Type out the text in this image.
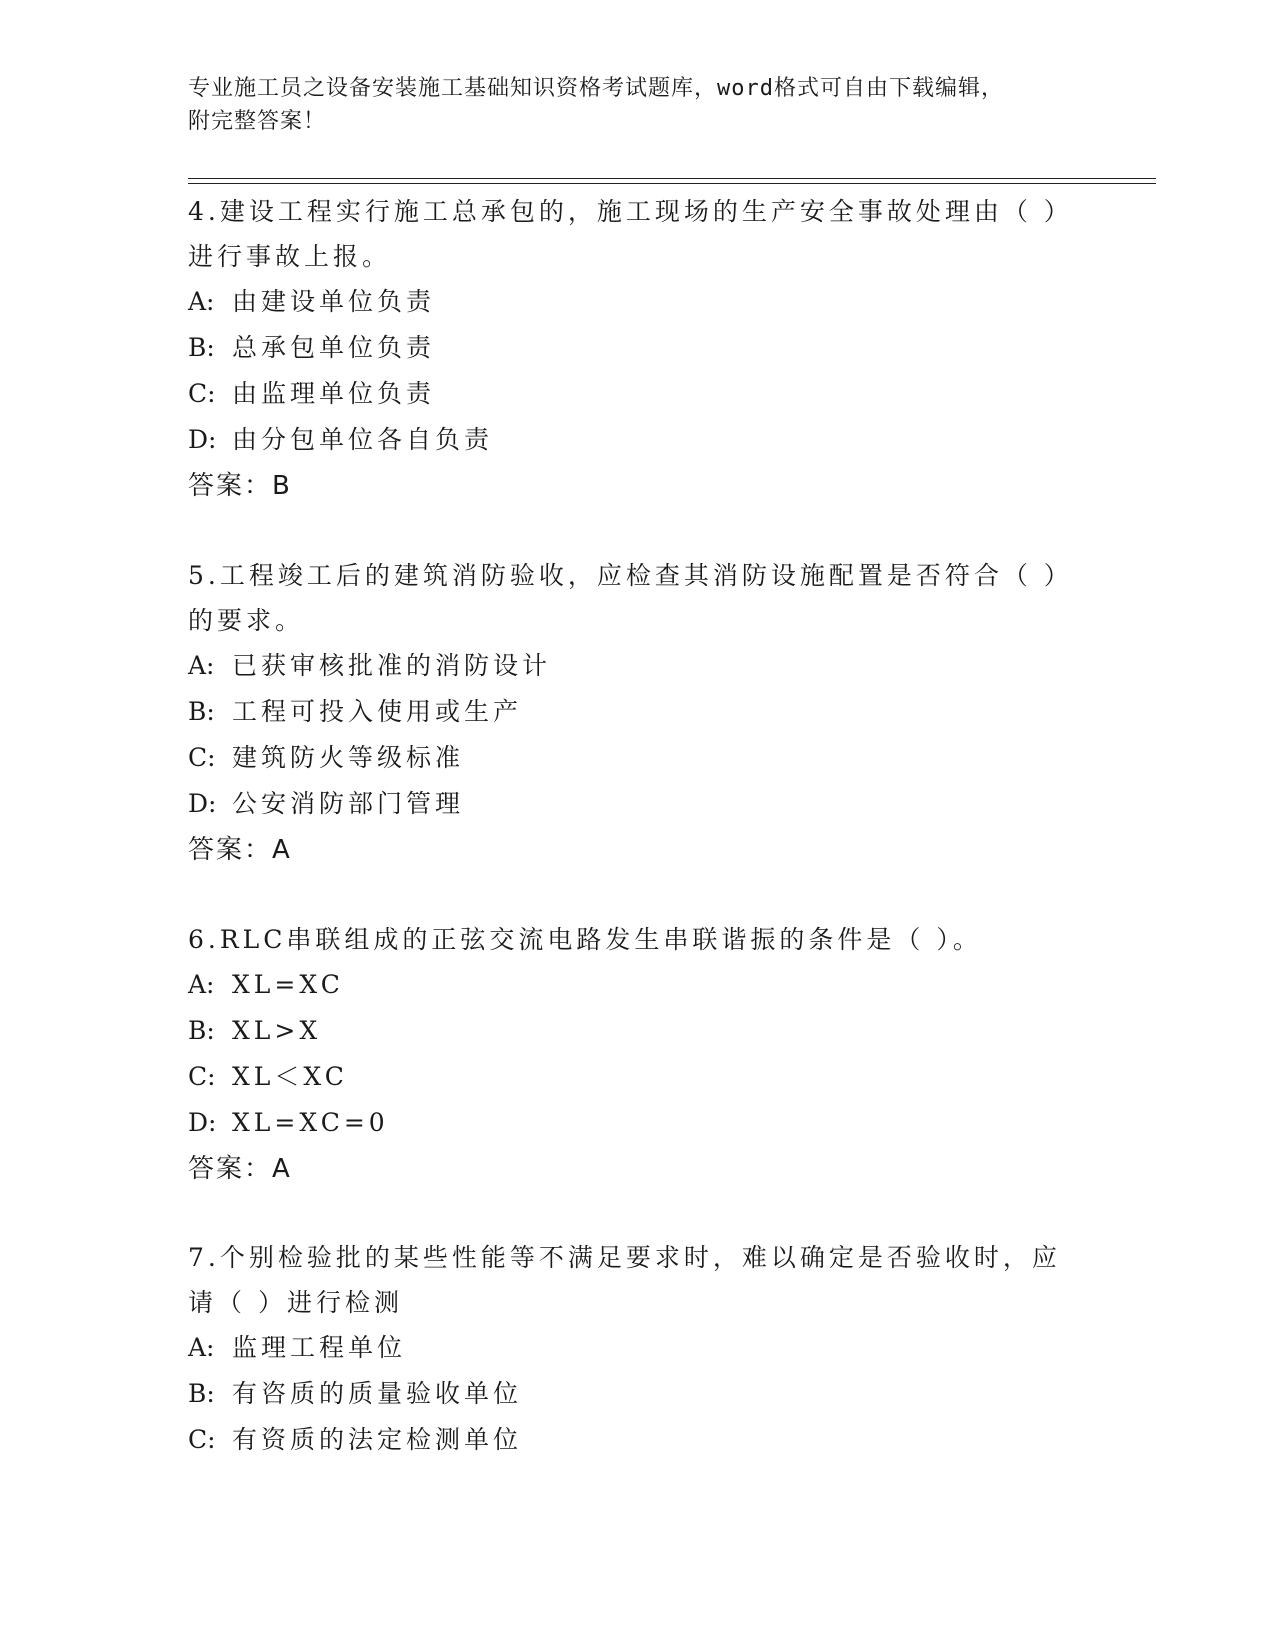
专业施工员之设备安装施工基础知识资格考试题库，word格式可自由下载编辑，
附完整答案！
4.建设工程实行施工总承包的，施工现场的生产安全事故处理由（ ）
进行事故上报。
A: 由建设单位负责
B: 总承包单位负责
C: 由监理单位负责
D: 由分包单位各自负责
答案：B
5.工程竣工后的建筑消防验收，应检查其消防设施配置是否符合（ ）
的要求。
A: 已获审核批准的消防设计
B: 工程可投入使用或生产
C: 建筑防火等级标准
D: 公安消防部门管理
答案：A
6.RLC串联组成的正弦交流电路发生串联谐振的条件是（ ）。
A: XL=XC
B: XL>X
C: XL＜XC
D: XL=XC=0
答案：A
7.个别检验批的某些性能等不满足要求时，难以确定是否验收时，应
请（ ）进行检测
A: 监理工程单位
B: 有咨质的质量验收单位
C: 有资质的法定检测单位
